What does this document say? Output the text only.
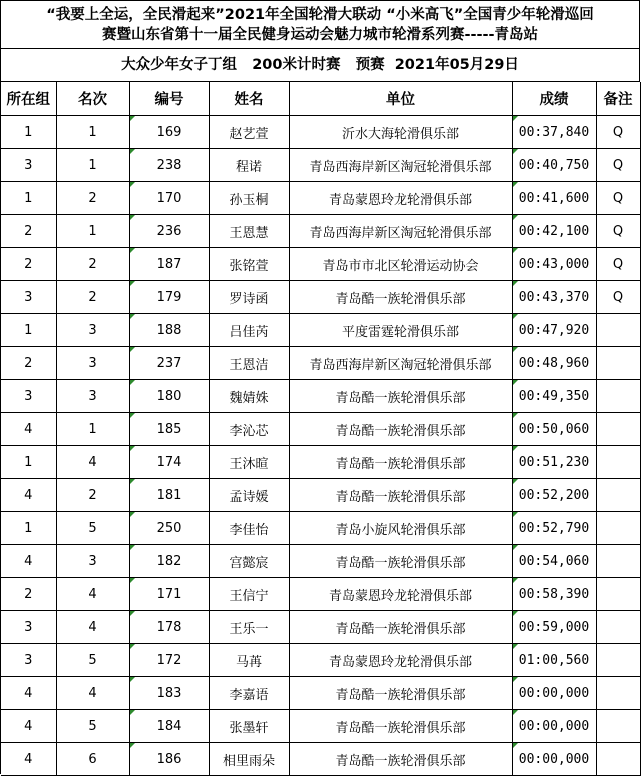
“我要上全运，全民滑起来”2021年全国轮滑大联动 “小米高飞”全国青少年轮滑巡回
赛暨山东省第十一届全民健身运动会魅力城市轮滑系列赛-----青岛站
大众少年女子丁组   200米计时赛   预赛  2021年05月29日
所在组	名次	编号	姓名	单位	成绩	备注
1	1	169	赵艺萱	沂水大海轮滑俱乐部	00:37,840	Q
3	1	238	程诺	青岛西海岸新区淘冠轮滑俱乐部	00:40,750	Q
1	2	170	孙玉桐	青岛蒙恩玲龙轮滑俱乐部	00:41,600	Q
2	1	236	王恩慧	青岛西海岸新区淘冠轮滑俱乐部	00:42,100	Q
2	2	187	张铭萱	青岛市市北区轮滑运动协会	00:43,000	Q
3	2	179	罗诗函	青岛酷一族轮滑俱乐部	00:43,370	Q
1	3	188	吕佳芮	平度雷霆轮滑俱乐部	00:47,920	
2	3	237	王恩洁	青岛西海岸新区淘冠轮滑俱乐部	00:48,960	
3	3	180	魏婧姝	青岛酷一族轮滑俱乐部	00:49,350	
4	1	185	李沁芯	青岛酷一族轮滑俱乐部	00:50,060	
1	4	174	王沐暄	青岛酷一族轮滑俱乐部	00:51,230	
4	2	181	孟诗媛	青岛酷一族轮滑俱乐部	00:52,200	
1	5	250	李佳怡	青岛小旋风轮滑俱乐部	00:52,790	
4	3	182	宫懿宸	青岛酷一族轮滑俱乐部	00:54,060	
2	4	171	王信宁	青岛蒙恩玲龙轮滑俱乐部	00:58,390	
3	4	178	王乐一	青岛酷一族轮滑俱乐部	00:59,000	
3	5	172	马苒	青岛蒙恩玲龙轮滑俱乐部	01:00,560	
4	4	183	李嘉语	青岛酷一族轮滑俱乐部	00:00,000	
4	5	184	张墨轩	青岛酷一族轮滑俱乐部	00:00,000	
4	6	186	相里雨朵	青岛酷一族轮滑俱乐部	00:00,000	
